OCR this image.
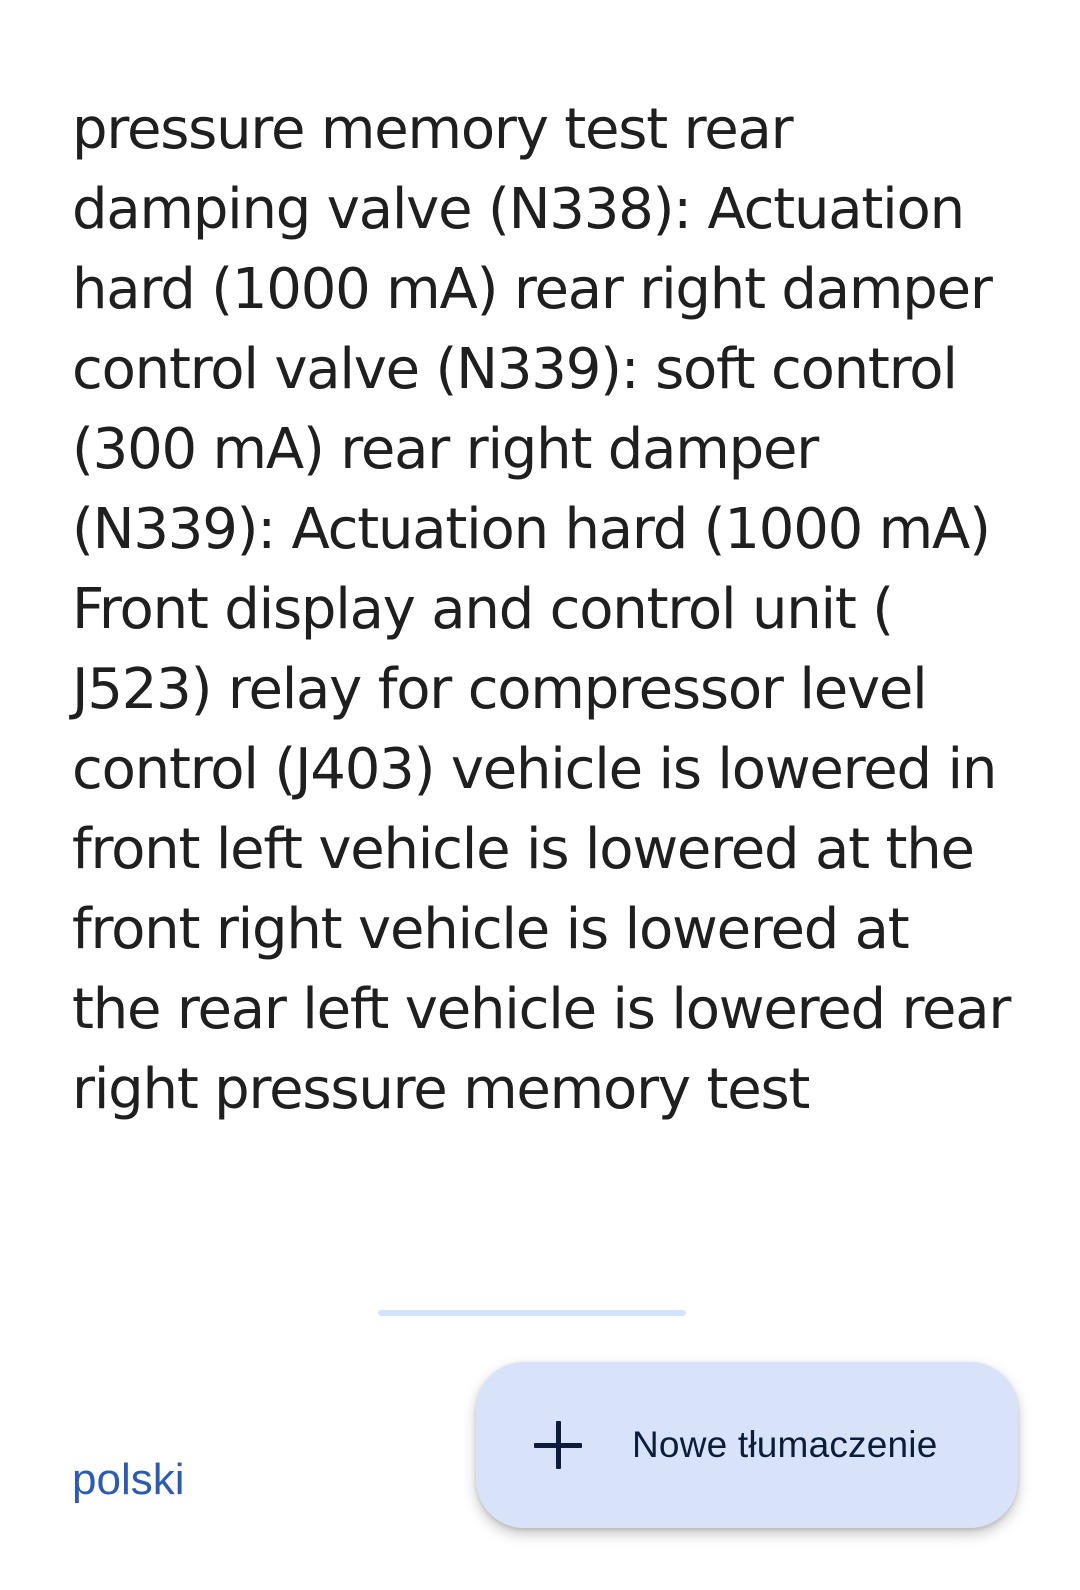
pressure memory test rear damping valve (N338): Actuation hard (1000 mA) rear right damper control valve (N339): soft control (300 mA) rear right damper (N339): Actuation hard (1000 mA) Front display and control unit ( J523) relay for compressor level control (J403) vehicle is lowered in front left vehicle is lowered at the front right vehicle is lowered at the rear left vehicle is lowered rear right pressure memory test

polski
Nowe tłumaczenie
